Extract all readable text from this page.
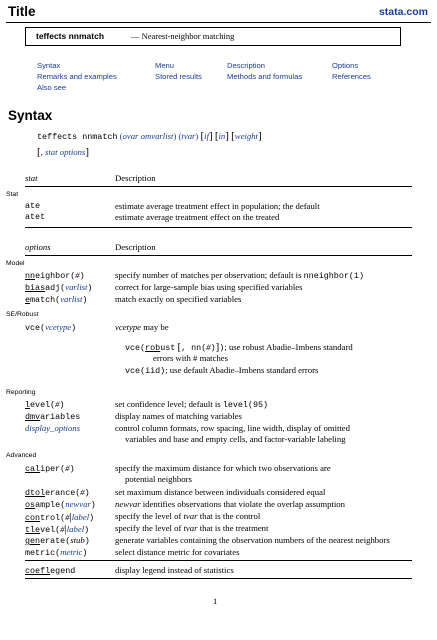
Title	stata.com
teffects nnmatch	— Nearest-neighbor matching
Syntax	Menu	Description	Options
Remarks and examples	Stored results	Methods and formulas	References
Also see
Syntax
teffects nnmatch (ovar omvarlist) (tvar) [if] [in] [weight]
[, stat options]
stat	Description
Stat
ate	estimate average treatment effect in population; the default
atet	estimate average treatment effect on the treated
options	Description
Model
nneighbor(#)	specify number of matches per observation; default is nneighbor(1)
biasadj(varlist)	correct for large-sample bias using specified variables
ematch(varlist)	match exactly on specified variables
SE/Robust
vce(vcetype)	vcetype may be
vce(robust [, nn(#)]); use robust Abadie–Imbens standard
errors with # matches
vce(iid); use default Abadie–Imbens standard errors
Reporting
level(#)	set confidence level; default is level(95)
dmvariables	display names of matching variables
display_options	control column formats, row spacing, line width, display of omitted
variables and base and empty cells, and factor-variable labeling
Advanced
caliper(#)	specify the maximum distance for which two observations are
potential neighbors
dtolerance(#)	set maximum distance between individuals considered equal
osample(newvar) newvar identifies observations that violate the overlap assumption
control(#|label) specify the level of tvar that is the control
tlevel(#|label)	specify the level of tvar that is the treatment
generate(stub)	generate variables containing the observation numbers of the nearest neighbors
metric(metric)	select distance metric for covariates
coeflegend	display legend instead of statistics
1
